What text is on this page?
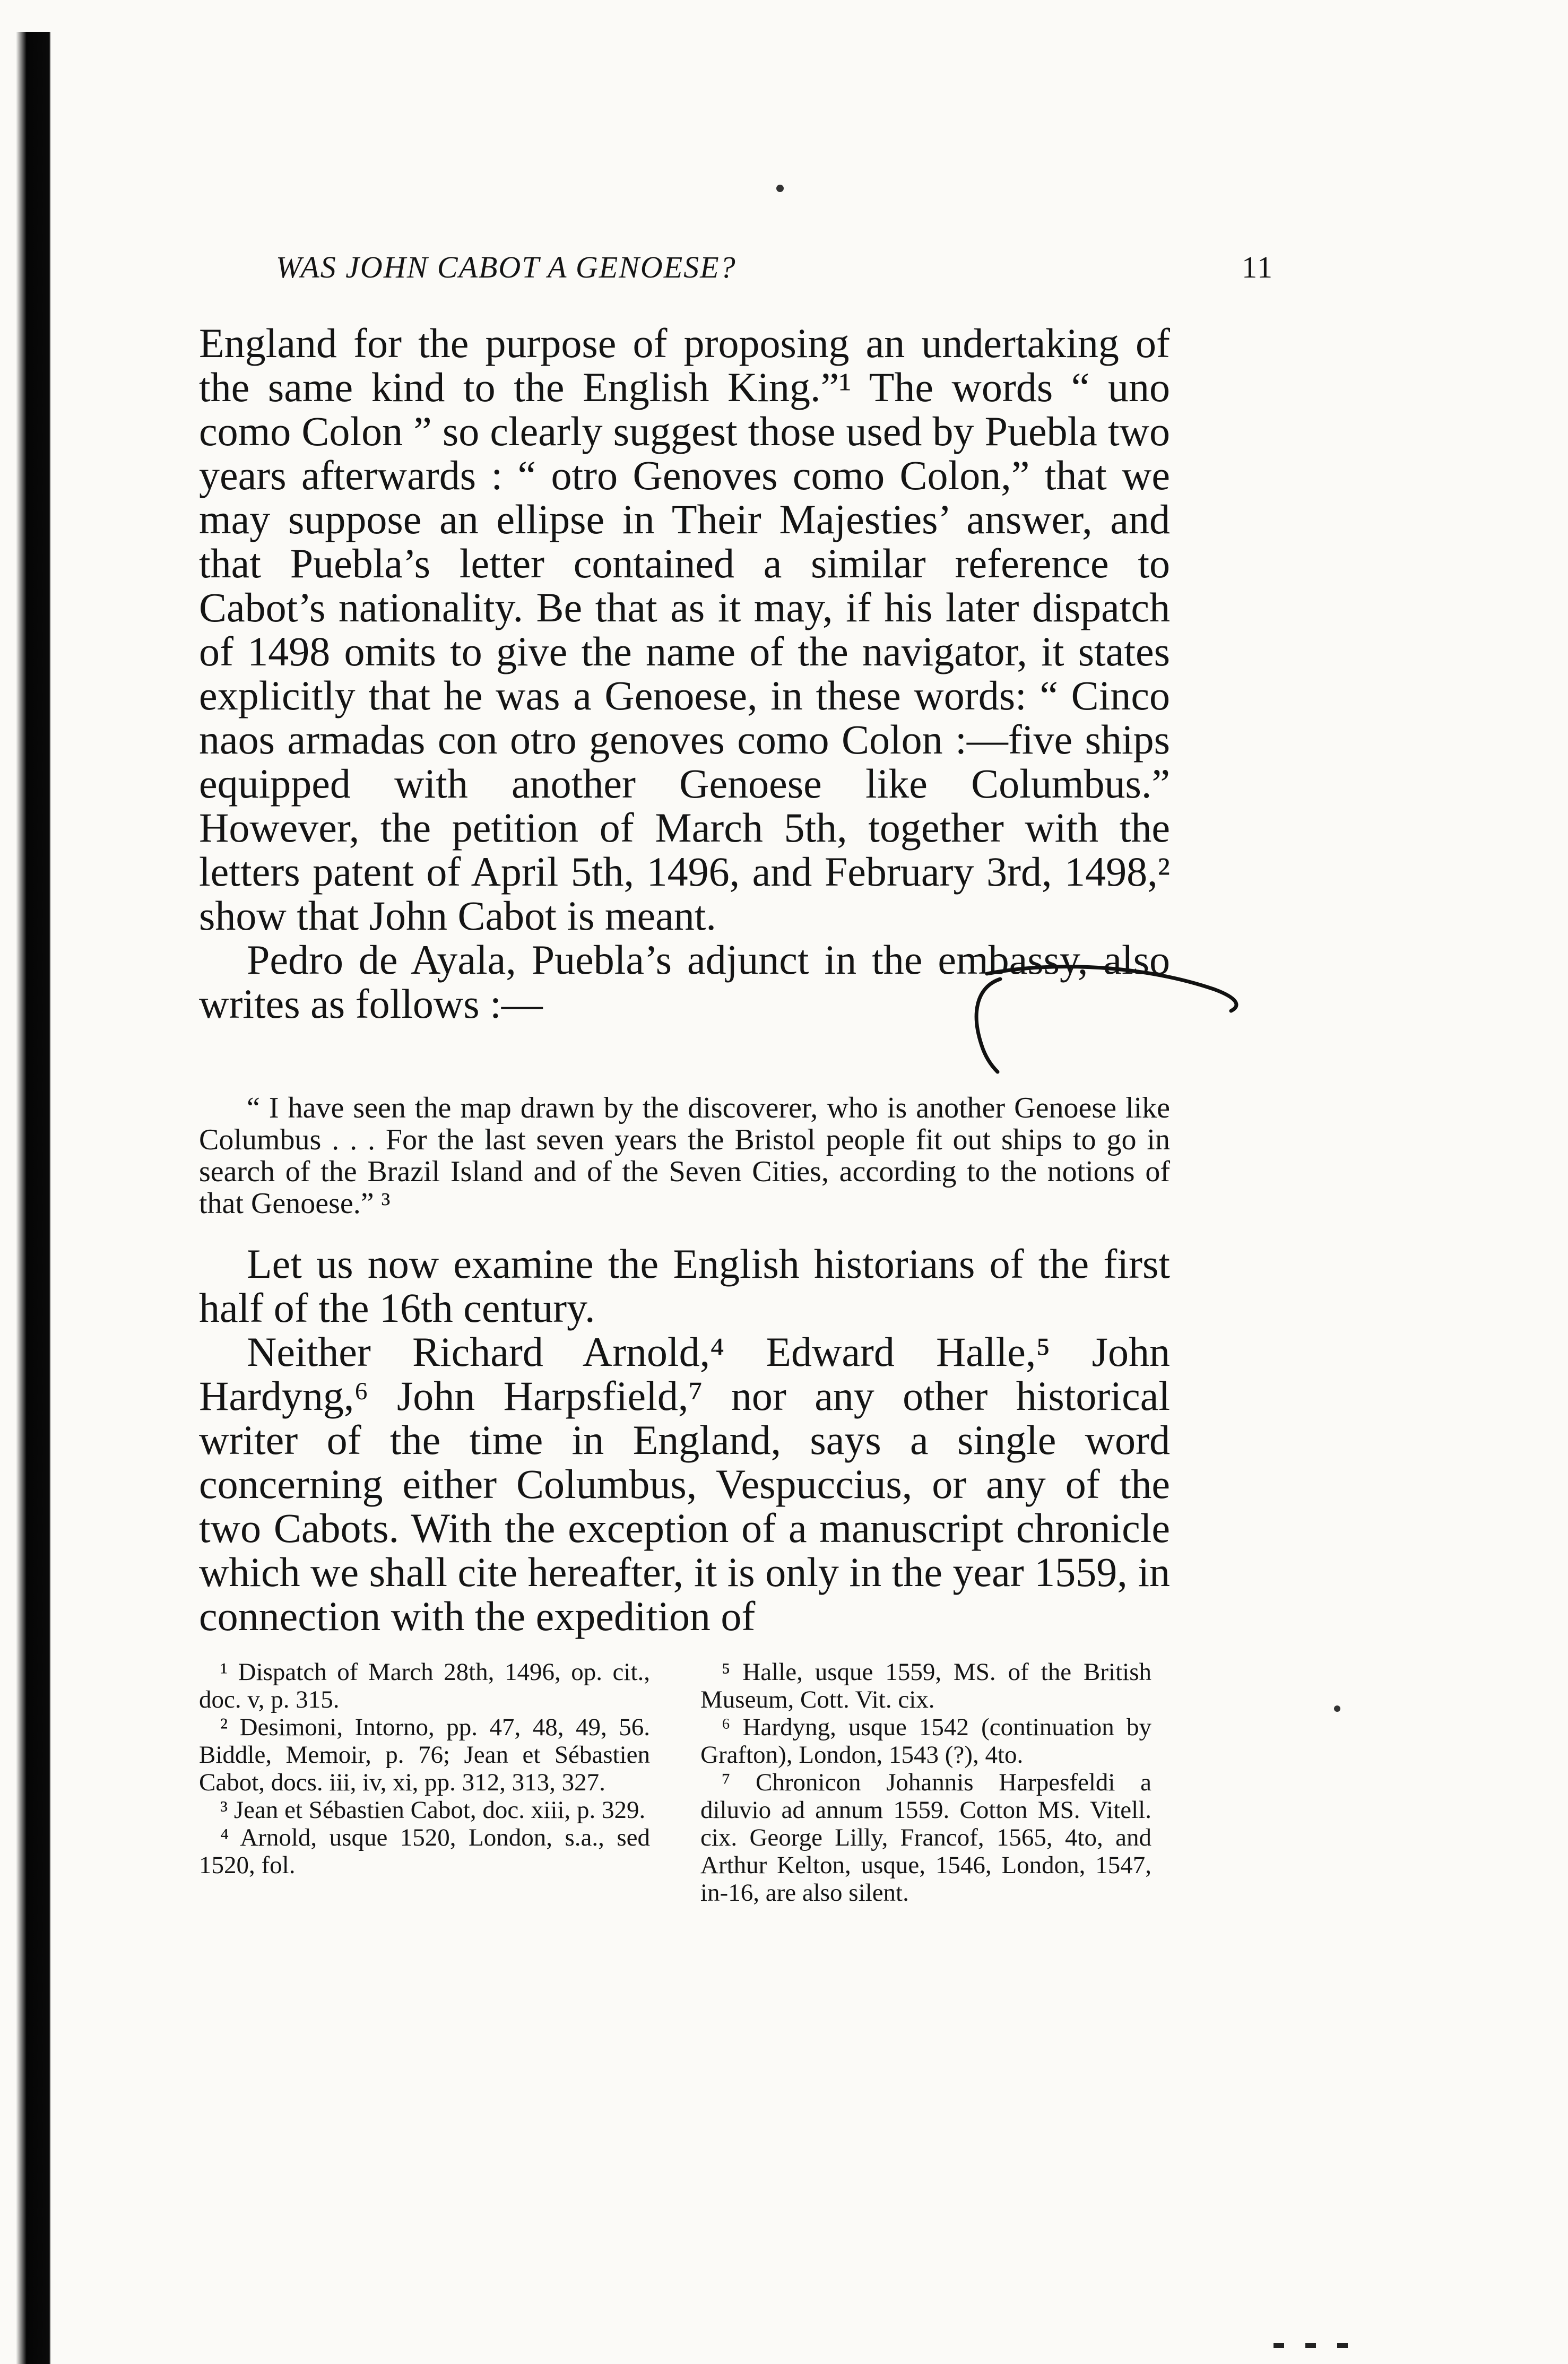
WAS JOHN CABOT A GENOESE?	11

England for the purpose of proposing an undertaking of the same kind to the English King.”¹ The words “ uno como Colon ” so clearly suggest those used by Puebla two years afterwards : “ otro Genoves como Colon,” that we may suppose an ellipse in Their Majesties’ answer, and that Puebla’s letter contained a similar reference to Cabot’s nationality. Be that as it may, if his later dispatch of 1498 omits to give the name of the navigator, it states explicitly that he was a Genoese, in these words: “ Cinco naos armadas con otro genoves como Colon :—five ships equipped with another Genoese like Columbus.” However, the petition of March 5th, together with the letters patent of April 5th, 1496, and February 3rd, 1498,² show that John Cabot is meant.

Pedro de Ayala, Puebla’s adjunct in the embassy, also writes as follows :—

“ I have seen the map drawn by the discoverer, who is another Genoese like Columbus . . . For the last seven years the Bristol people fit out ships to go in search of the Brazil Island and of the Seven Cities, according to the notions of that Genoese.” ³

Let us now examine the English historians of the first half of the 16th century.

Neither Richard Arnold,⁴ Edward Halle,⁵ John Hardyng,⁶ John Harpsfield,⁷ nor any other historical writer of the time in England, says a single word concerning either Columbus, Vespuccius, or any of the two Cabots. With the exception of a manuscript chronicle which we shall cite hereafter, it is only in the year 1559, in connection with the expedition of

¹ Dispatch of March 28th, 1496, op. cit., doc. v, p. 315.

² Desimoni, Intorno, pp. 47, 48, 49, 56. Biddle, Memoir, p. 76; Jean et Sébastien Cabot, docs. iii, iv, xi, pp. 312, 313, 327.

³ Jean et Sébastien Cabot, doc. xiii, p. 329.

⁴ Arnold, usque 1520, London, s.a., sed 1520, fol.

⁵ Halle, usque 1559, MS. of the British Museum, Cott. Vit. cix.

⁶ Hardyng, usque 1542 (continuation by Grafton), London, 1543 (?), 4to.

⁷ Chronicon Johannis Harpesfeldi a diluvio ad annum 1559. Cotton MS. Vitell. cix. George Lilly, Francof, 1565, 4to, and Arthur Kelton, usque, 1546, London, 1547, in-16, are also silent.
